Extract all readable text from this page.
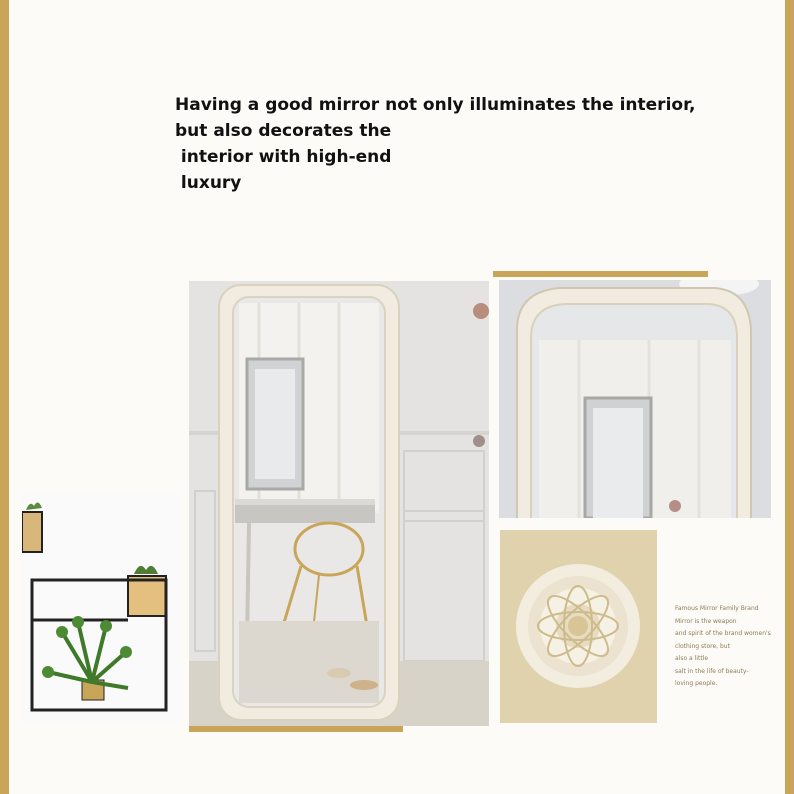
Having a good mirror not only illuminates the interior,
but also decorates the
interior with high-end
luxury
Famous Mirror Family Brand
Mirror is the weapon
and spirit of the brand women's
clothing store, but
also a little
salt in the life of beauty-
loving people.
